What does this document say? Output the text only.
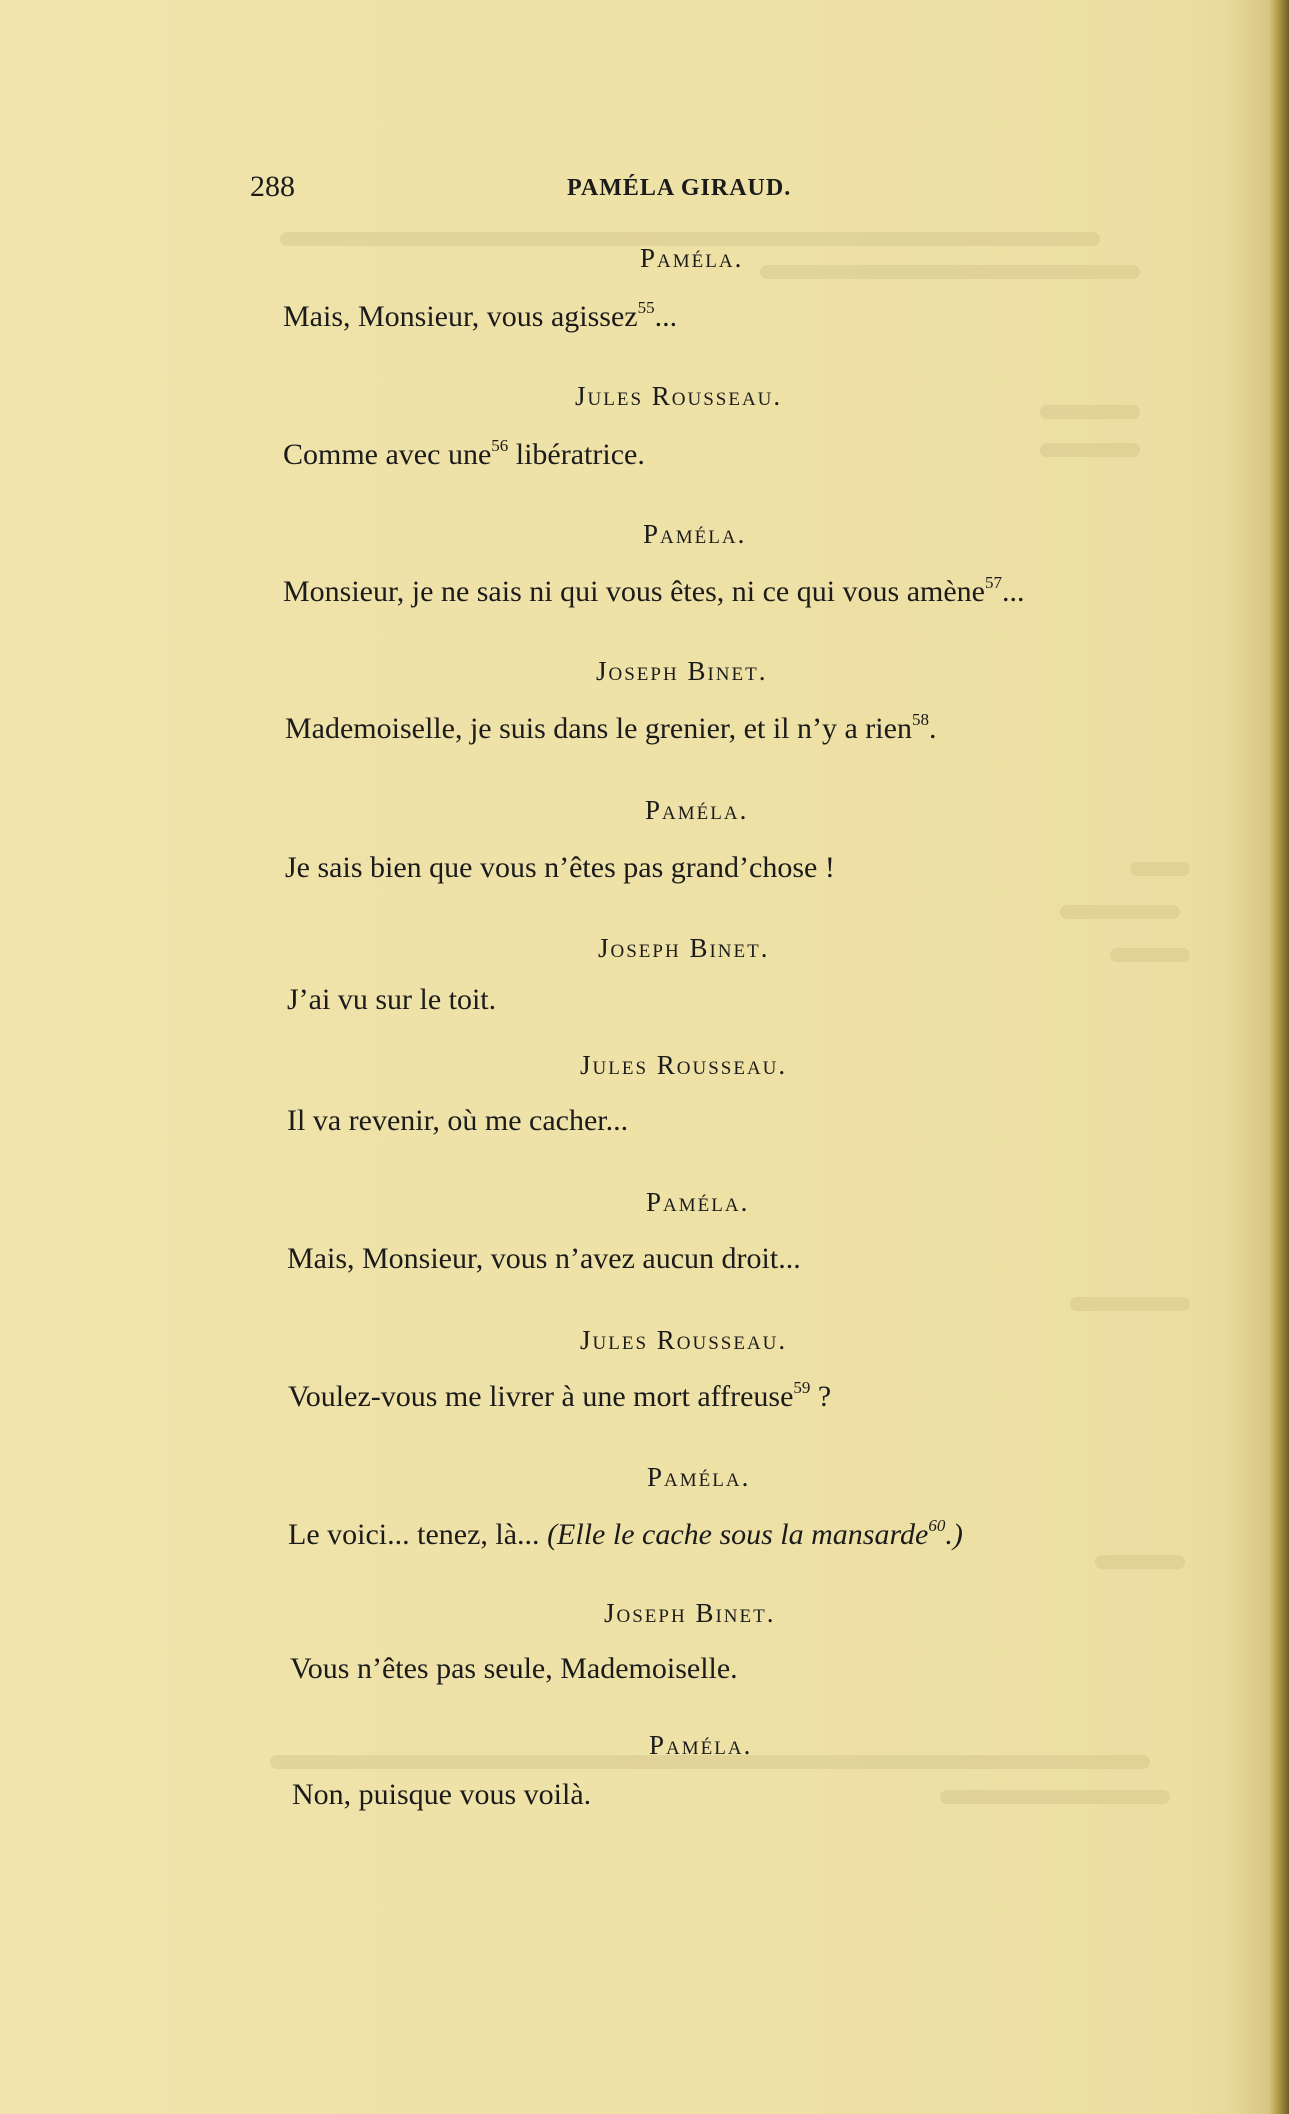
288	PAMÉLA GIRAUD.

Paméla.

Mais, Monsieur, vous agissez$^{55}$...

Jules Rousseau.

Comme avec une$^{56}$ libératrice.

Paméla.

Monsieur, je ne sais ni qui vous êtes, ni ce qui vous amène$^{57}$...

Joseph Binet.

Mademoiselle, je suis dans le grenier, et il n’y a rien$^{58}$.

Paméla.

Je sais bien que vous n’êtes pas grand’chose !

Joseph Binet.

J’ai vu sur le toit.

Jules Rousseau.

Il va revenir, où me cacher...

Paméla.

Mais, Monsieur, vous n’avez aucun droit...

Jules Rousseau.

Voulez-vous me livrer à une mort affreuse$^{59}$ ?

Paméla.

Le voici... tenez, là... (Elle le cache sous la mansarde$^{60}$.)

Joseph Binet.

Vous n’êtes pas seule, Mademoiselle.

Paméla.

Non, puisque vous voilà.
